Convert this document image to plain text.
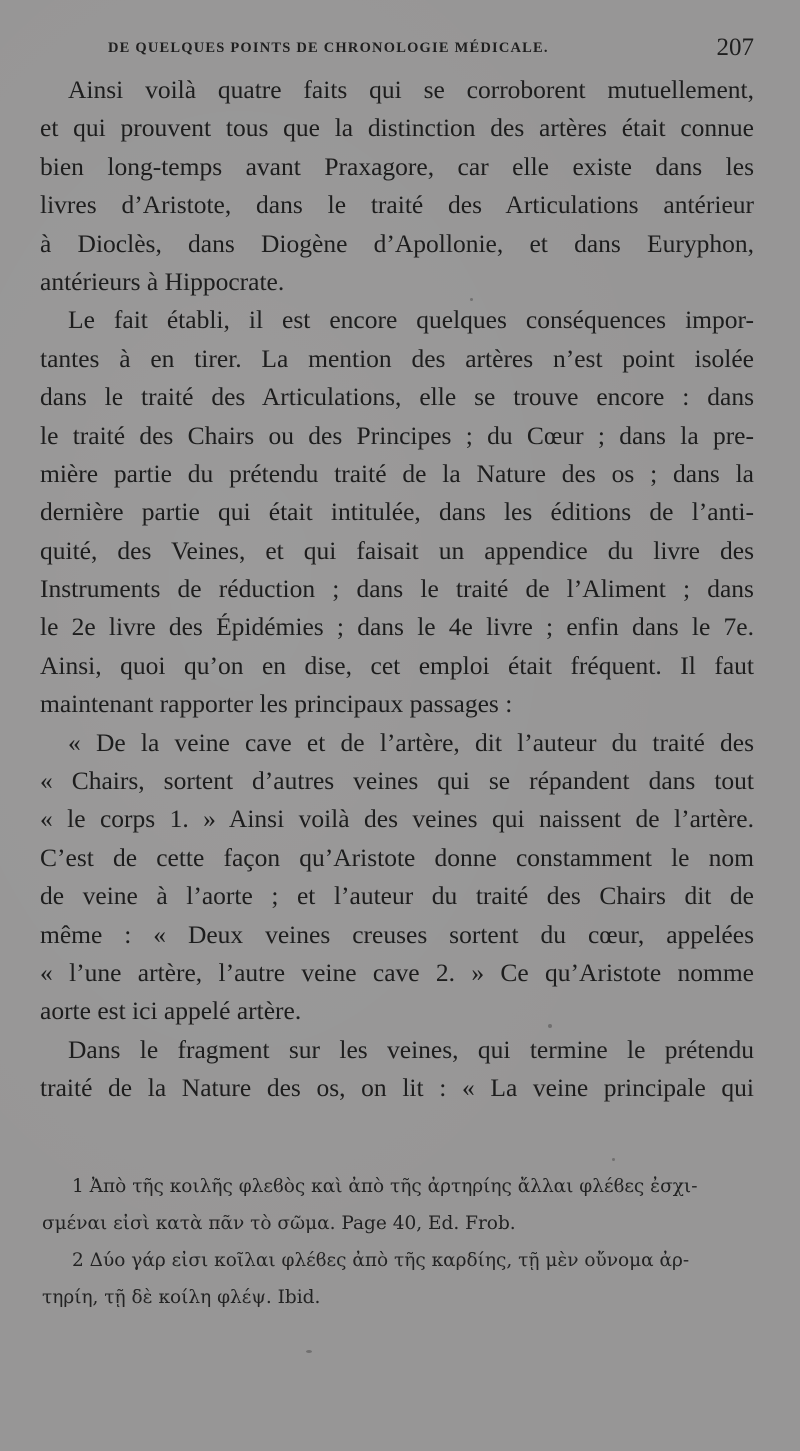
DE QUELQUES POINTS DE CHRONOLOGIE MÉDICALE.	207
Ainsi voilà quatre faits qui se corroborent mutuellement,
et qui prouvent tous que la distinction des artères était connue
bien long-temps avant Praxagore, car elle existe dans les
livres d’Aristote, dans le traité des Articulations antérieur
à Dioclès, dans Diogène d’Apollonie, et dans Euryphon,
antérieurs à Hippocrate.
Le fait établi, il est encore quelques conséquences impor-
tantes à en tirer. La mention des artères n’est point isolée
dans le traité des Articulations, elle se trouve encore : dans
le traité des Chairs ou des Principes ; du Cœur ; dans la pre-
mière partie du prétendu traité de la Nature des os ; dans la
dernière partie qui était intitulée, dans les éditions de l’anti-
quité, des Veines, et qui faisait un appendice du livre des
Instruments de réduction ; dans le traité de l’Aliment ; dans
le 2e livre des Épidémies ; dans le 4e livre ; enfin dans le 7e.
Ainsi, quoi qu’on en dise, cet emploi était fréquent. Il faut
maintenant rapporter les principaux passages :
« De la veine cave et de l’artère, dit l’auteur du traité des
« Chairs, sortent d’autres veines qui se répandent dans tout
« le corps 1. » Ainsi voilà des veines qui naissent de l’artère.
C’est de cette façon qu’Aristote donne constamment le nom
de veine à l’aorte ; et l’auteur du traité des Chairs dit de
même : « Deux veines creuses sortent du cœur, appelées
« l’une artère, l’autre veine cave 2. » Ce qu’Aristote nomme
aorte est ici appelé artère.
Dans le fragment sur les veines, qui termine le prétendu
traité de la Nature des os, on lit : « La veine principale qui
1 Ἀπὸ τῆς κοιλῆς φλεϐὸς καὶ ἀπὸ τῆς ἀρτηρίης ἄλλαι φλέϐες ἐσχι-
σμέναι εἰσὶ κατὰ πᾶν τὸ σῶμα. Page 40, Ed. Frob.
2 Δύο γάρ εἰσι κοῖλαι φλέϐες ἀπὸ τῆς καρδίης, τῇ μὲν οὔνομα ἀρ-
τηρίη, τῇ δὲ κοίλη φλέψ. Ibid.
